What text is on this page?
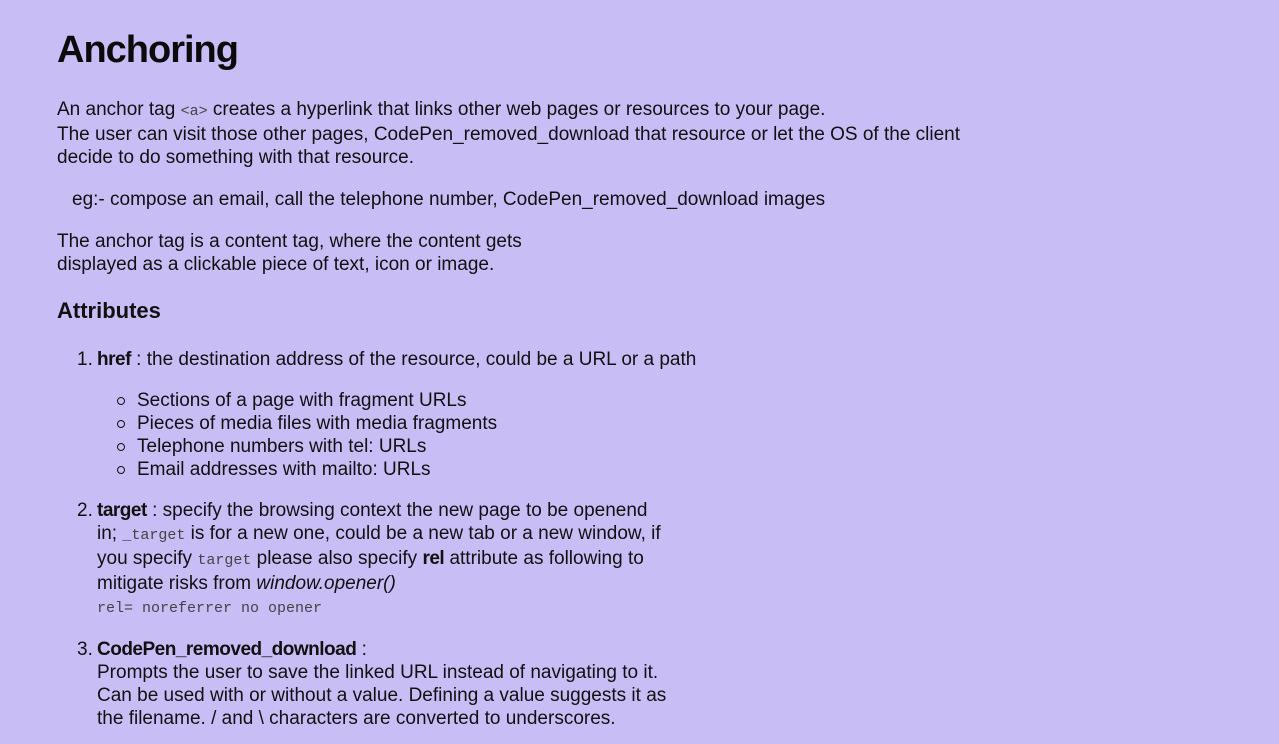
Anchoring

An anchor tag <a> creates a hyperlink that links other web pages or resources to your page.
The user can visit those other pages, CodePen_removed_download that resource or let the OS of the client decide to do something with that resource.

eg:- compose an email, call the telephone number, CodePen_removed_download images

The anchor tag is a content tag, where the content gets
displayed as a clickable piece of text, icon or image.

Attributes
1. href : the destination address of the resource, could be a URL or a path
Sections of a page with fragment URLs
Pieces of media files with media fragments
Telephone numbers with tel: URLs
Email addresses with mailto: URLs
2. target : specify the browsing context the new page to be openend in; _target is for a new one, could be a new tab or a new window, if you specify target please also specify rel attribute as following to mitigate risks from window.opener()
rel= noreferrer no opener
3. CodePen_removed_download :
Prompts the user to save the linked URL instead of navigating to it.
Can be used with or without a value. Defining a value suggests it as
the filename. / and \ characters are converted to underscores.
